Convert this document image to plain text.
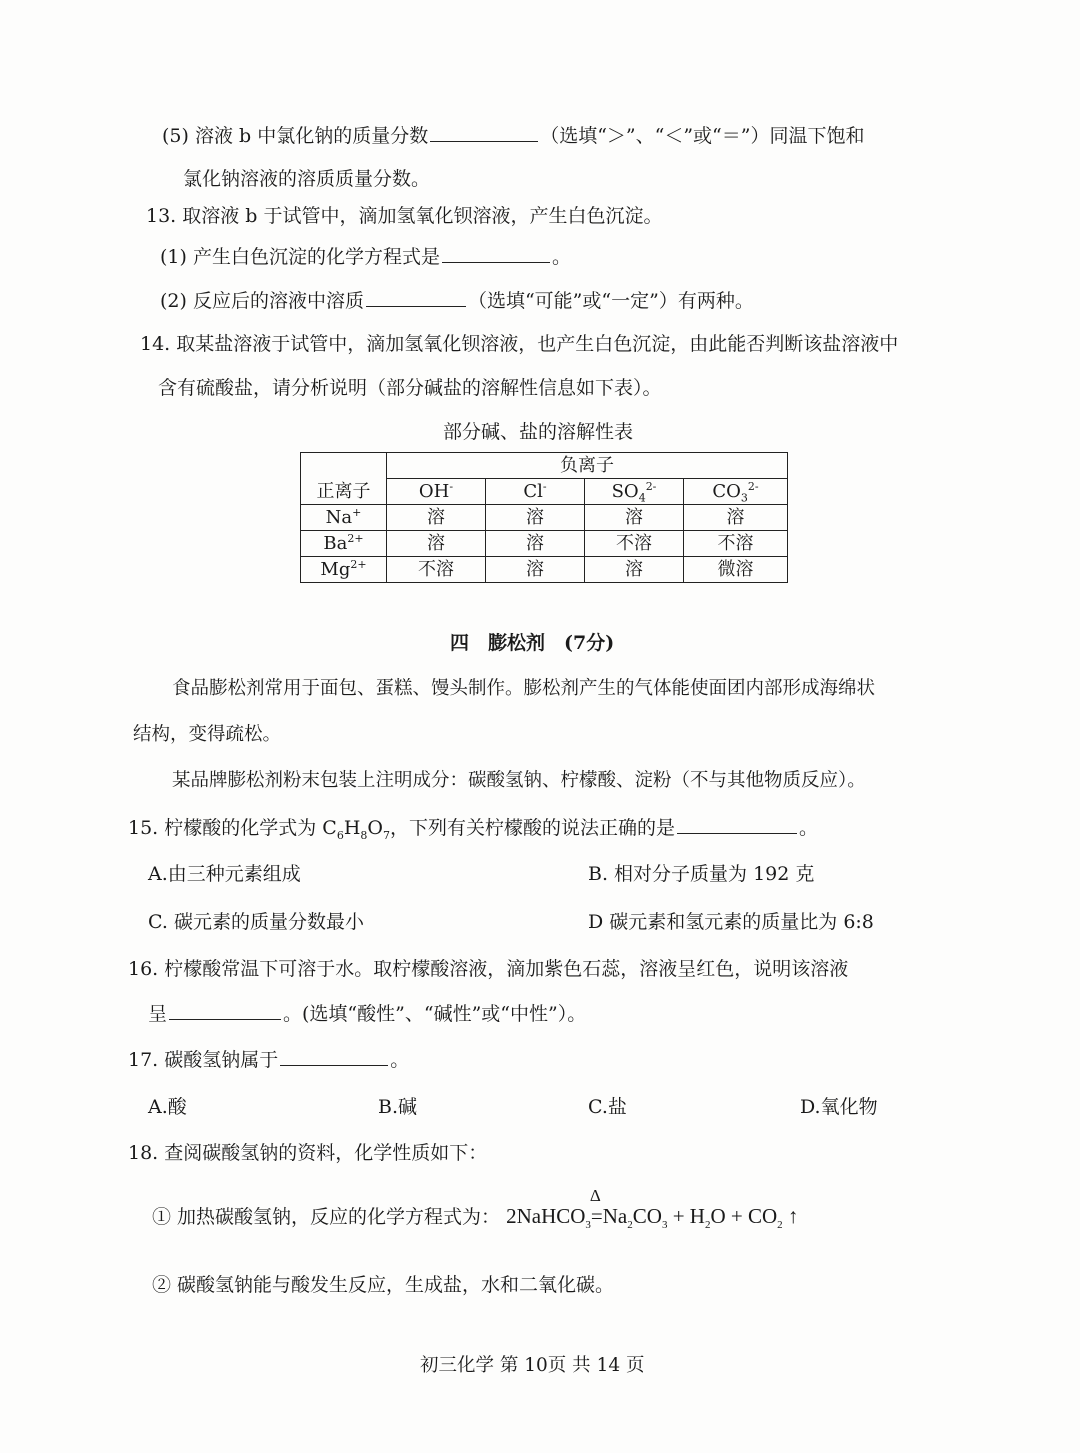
(5) 溶液 b 中氯化钠的质量分数	（选填“＞”、“＜”或“＝”）同温下饱和
氯化钠溶液的溶质质量分数。
13. 取溶液 b 于试管中，滴加氢氧化钡溶液，产生白色沉淀。
(1) 产生白色沉淀的化学方程式是	。
(2) 反应后的溶液中溶质	（选填“可能”或“一定”）有两种。
14. 取某盐溶液于试管中，滴加氢氧化钡溶液，也产生白色沉淀，由此能否判断该盐溶液中
含有硫酸盐，请分析说明（部分碱盐的溶解性信息如下表）。
部分碱、盐的溶解性表
正离子	负离子			
	OH-	Cl-	$SO_4^{2-}$	$CO_3^{2-}$
Na+	溶	溶	溶	溶
$Ba^{2+}$	溶	溶	不溶	不溶
$Mg^{2+}$	不溶	溶	溶	微溶
四　膨松剂　(7分)
食品膨松剂常用于面包、蛋糕、馒头制作。膨松剂产生的气体能使面团内部形成海绵状
结构，变得疏松。
某品牌膨松剂粉末包装上注明成分：碳酸氢钠、柠檬酸、淀粉（不与其他物质反应）。
15. 柠檬酸的化学式为 $C_6H_8O_7$，下列有关柠檬酸的说法正确的是	。
A.由三种元素组成	B. 相对分子质量为 192 克
C. 碳元素的质量分数最小	D 碳元素和氢元素的质量比为 6:8
16. 柠檬酸常温下可溶于水。取柠檬酸溶液，滴加紫色石蕊，溶液呈红色，说明该溶液
呈	。(选填“酸性”、“碱性”或“中性”）。
17. 碳酸氢钠属于	。
A.酸	B.碱	C.盐	D.氧化物
18. 查阅碳酸氢钠的资料，化学性质如下：
① 加热碳酸氢钠，反应的化学方程式为： 2NaHCO$_3$
Δ
$=Na_2CO_3 + H_2O + CO_2$ ↑
② 碳酸氢钠能与酸发生反应，生成盐，水和二氧化碳。
初三化学 第 10页 共 14 页
